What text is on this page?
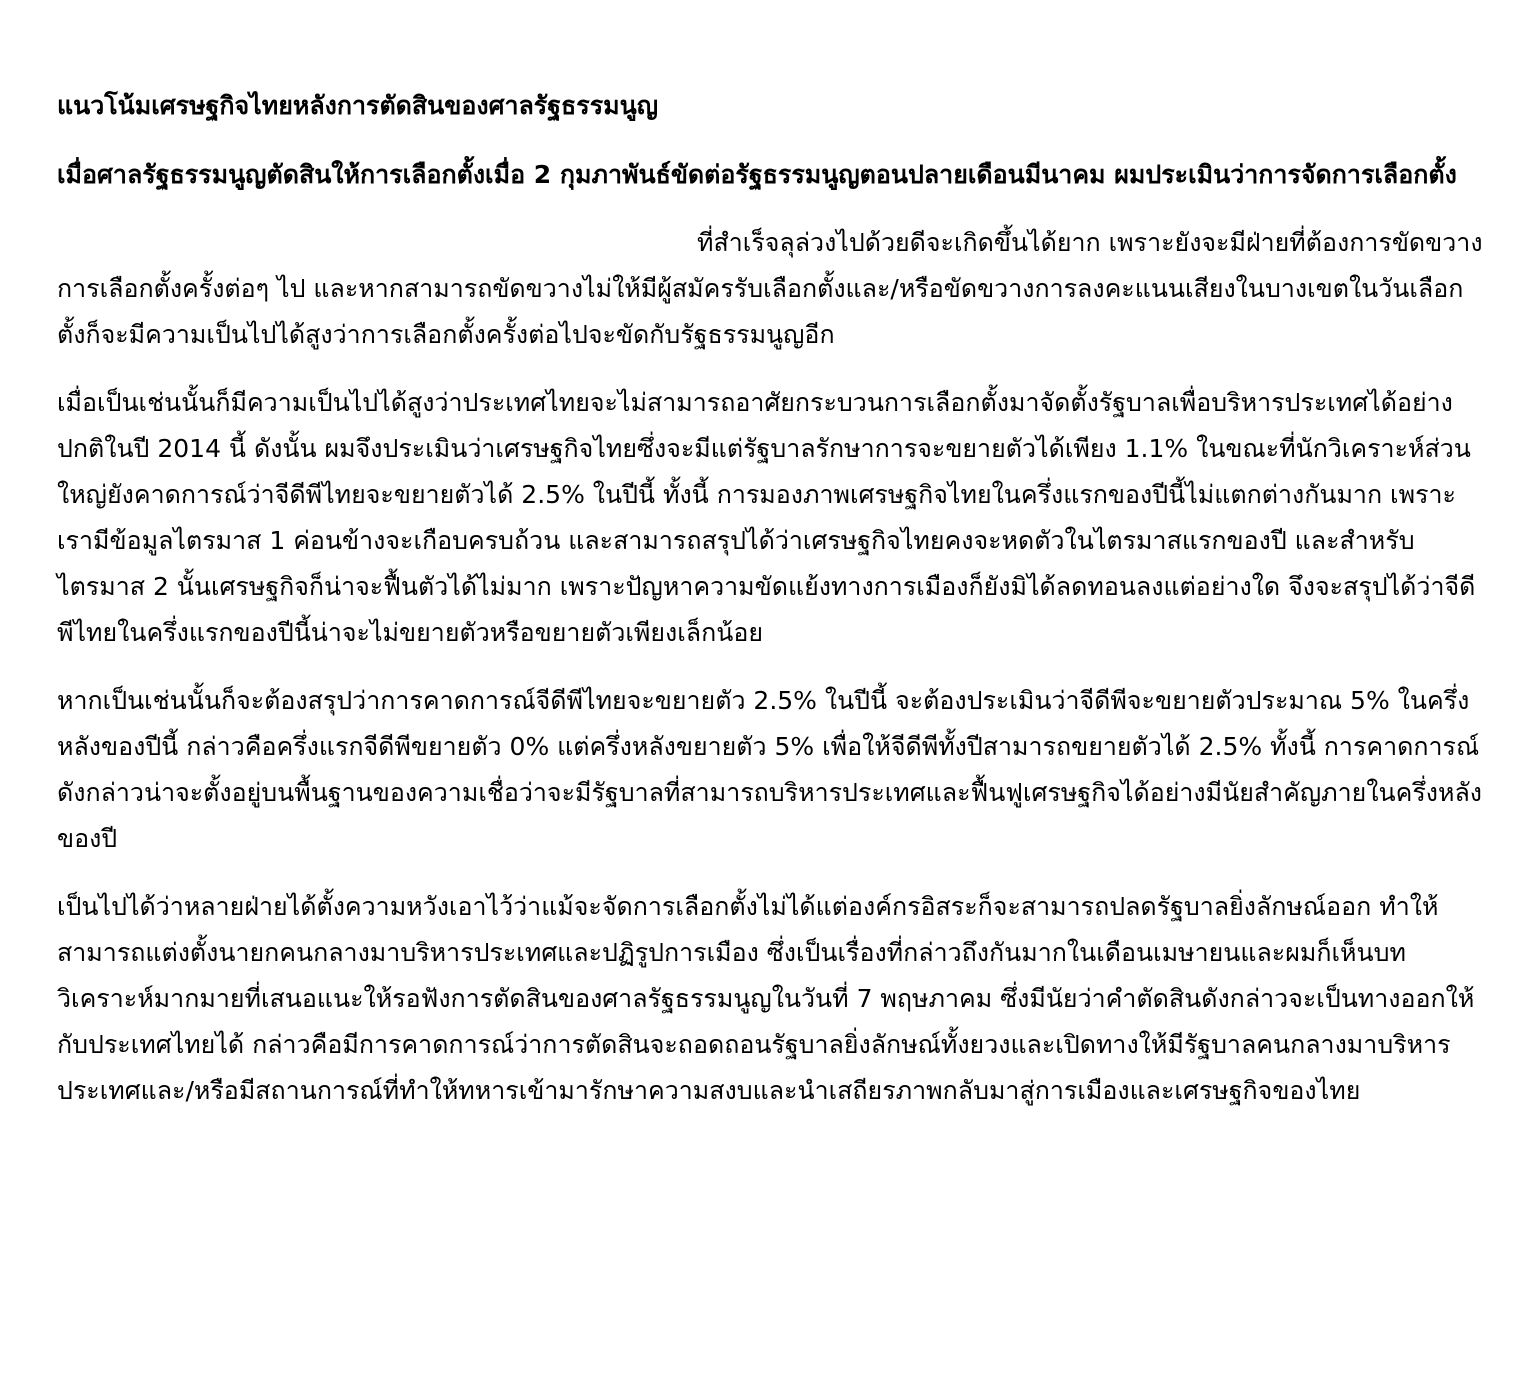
แนวโน้มเศรษฐกิจไทยหลังการตัดสินของศาลรัฐธรรมนูญ
เมื่อศาลรัฐธรรมนูญตัดสินให้การเลือกตั้งเมื่อ 2 กุมภาพันธ์ขัดต่อรัฐธรรมนูญตอนปลายเดือนมีนาคม ผมประเมินว่าการจัดการเลือกตั้ง
ที่สำเร็จลุล่วงไปด้วยดีจะเกิดขึ้นได้ยาก เพราะยังจะมีฝ่ายที่ต้องการขัดขวางการเลือกตั้งครั้งต่อๆ ไป และหากสามารถขัดขวางไม่ให้มีผู้สมัครรับเลือกตั้งและ/หรือขัดขวางการลงคะแนนเสียงในบางเขตในวันเลือกตั้งก็จะมีความเป็นไปได้สูงว่าการเลือกตั้งครั้งต่อไปจะขัดกับรัฐธรรมนูญอีก
เมื่อเป็นเช่นนั้นก็มีความเป็นไปได้สูงว่าประเทศไทยจะไม่สามารถอาศัยกระบวนการเลือกตั้งมาจัดตั้งรัฐบาลเพื่อบริหารประเทศได้อย่างปกติในปี 2014 นี้ ดังนั้น ผมจึงประเมินว่าเศรษฐกิจไทยซึ่งจะมีแต่รัฐบาลรักษาการจะขยายตัวได้เพียง 1.1% ในขณะที่นักวิเคราะห์ส่วนใหญ่ยังคาดการณ์ว่าจีดีพีไทยจะขยายตัวได้ 2.5% ในปีนี้ ทั้งนี้ การมองภาพเศรษฐกิจไทยในครึ่งแรกของปีนี้ไม่แตกต่างกันมาก เพราะเรามีข้อมูลไตรมาส 1 ค่อนข้างจะเกือบครบถ้วน และสามารถสรุปได้ว่าเศรษฐกิจไทยคงจะหดตัวในไตรมาสแรกของปี และสำหรับไตรมาส 2 นั้นเศรษฐกิจก็น่าจะฟื้นตัวได้ไม่มาก เพราะปัญหาความขัดแย้งทางการเมืองก็ยังมิได้ลดทอนลงแต่อย่างใด จึงจะสรุปได้ว่าจีดีพีไทยในครึ่งแรกของปีนี้น่าจะไม่ขยายตัวหรือขยายตัวเพียงเล็กน้อย
หากเป็นเช่นนั้นก็จะต้องสรุปว่าการคาดการณ์จีดีพีไทยจะขยายตัว 2.5% ในปีนี้ จะต้องประเมินว่าจีดีพีจะขยายตัวประมาณ 5% ในครึ่งหลังของปีนี้ กล่าวคือครึ่งแรกจีดีพีขยายตัว 0% แต่ครึ่งหลังขยายตัว 5% เพื่อให้จีดีพีทั้งปีสามารถขยายตัวได้ 2.5% ทั้งนี้ การคาดการณ์ดังกล่าวน่าจะตั้งอยู่บนพื้นฐานของความเชื่อว่าจะมีรัฐบาลที่สามารถบริหารประเทศและฟื้นฟูเศรษฐกิจได้อย่างมีนัยสำคัญภายในครึ่งหลังของปี
เป็นไปได้ว่าหลายฝ่ายได้ตั้งความหวังเอาไว้ว่าแม้จะจัดการเลือกตั้งไม่ได้แต่องค์กรอิสระก็จะสามารถปลดรัฐบาลยิ่งลักษณ์ออก ทำให้สามารถแต่งตั้งนายกคนกลางมาบริหารประเทศและปฏิรูปการเมือง ซึ่งเป็นเรื่องที่กล่าวถึงกันมากในเดือนเมษายนและผมก็เห็นบทวิเคราะห์มากมายที่เสนอแนะให้รอฟังการตัดสินของศาลรัฐธรรมนูญในวันที่ 7 พฤษภาคม ซึ่งมีนัยว่าคำตัดสินดังกล่าวจะเป็นทางออกให้กับประเทศไทยได้ กล่าวคือมีการคาดการณ์ว่าการตัดสินจะถอดถอนรัฐบาลยิ่งลักษณ์ทั้งยวงและเปิดทางให้มีรัฐบาลคนกลางมาบริหารประเทศและ/หรือมีสถานการณ์ที่ทำให้ทหารเข้ามารักษาความสงบและนำเสถียรภาพกลับมาสู่การเมืองและเศรษฐกิจของไทย
